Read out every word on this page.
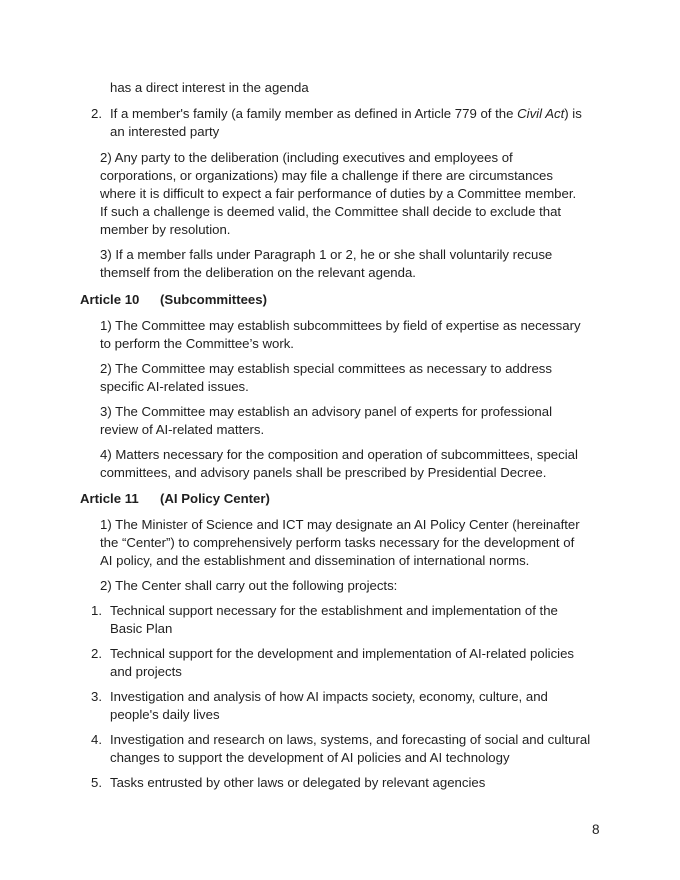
has a direct interest in the agenda

2. If a member's family (a family member as defined in Article 779 of the Civil Act) is

an interested party

2) Any party to the deliberation (including executives and employees of

corporations, or organizations) may file a challenge if there are circumstances

where it is difficult to expect a fair performance of duties by a Committee member.

If such a challenge is deemed valid, the Committee shall decide to exclude that

member by resolution.

3) If a member falls under Paragraph 1 or 2, he or she shall voluntarily recuse

themself from the deliberation on the relevant agenda.

Article 10 (Subcommittees)

1) The Committee may establish subcommittees by field of expertise as necessary

to perform the Committee’s work.

2) The Committee may establish special committees as necessary to address

specific AI-related issues.

3) The Committee may establish an advisory panel of experts for professional

review of AI-related matters.

4) Matters necessary for the composition and operation of subcommittees, special

committees, and advisory panels shall be prescribed by Presidential Decree.

Article 11 (AI Policy Center)

1) The Minister of Science and ICT may designate an AI Policy Center (hereinafter

the “Center”) to comprehensively perform tasks necessary for the development of

AI policy, and the establishment and dissemination of international norms.

2) The Center shall carry out the following projects:

1. Technical support necessary for the establishment and implementation of the

Basic Plan

2. Technical support for the development and implementation of AI-related policies

and projects

3. Investigation and analysis of how AI impacts society, economy, culture, and

people's daily lives

4. Investigation and research on laws, systems, and forecasting of social and cultural

changes to support the development of AI policies and AI technology

5. Tasks entrusted by other laws or delegated by relevant agencies

8
